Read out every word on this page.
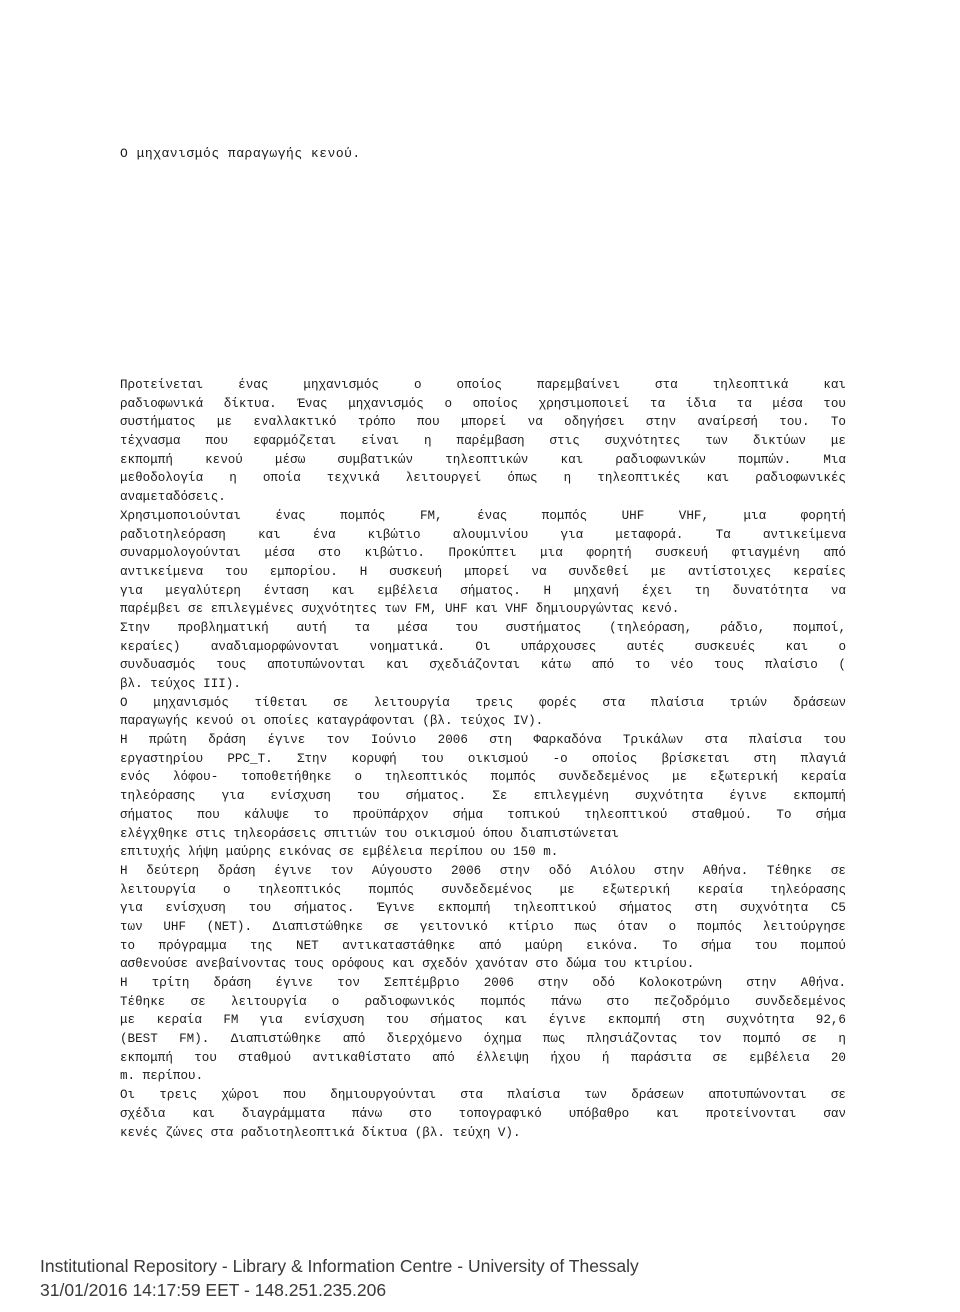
Ο μηχανισμός παραγωγής κενού.
Προτείνεται ένας μηχανισμός ο οποίος παρεμβαίνει στα τηλεοπτικά και
ραδιοφωνικά δίκτυα. Ένας μηχανισμός ο οποίος χρησιμοποιεί τα ίδια τα μέσα του
συστήματος με εναλλακτικό τρόπο που μπορεί να οδηγήσει στην αναίρεσή του. Το
τέχνασμα που εφαρμόζεται είναι η παρέμβαση στις συχνότητες των δικτύων με
εκπομπή κενού μέσω συμβατικών τηλεοπτικών και ραδιοφωνικών πομπών. Μια
μεθοδολογία η οποία τεχνικά λειτουργεί όπως η τηλεοπτικές και ραδιοφωνικές
αναμεταδόσεις.
Χρησιμοποιούνται ένας πομπός FM, ένας πομπός UHF VHF, μια φορητή
ραδιοτηλεόραση και ένα κιβώτιο αλουμινίου για μεταφορά. Τα αντικείμενα
συναρμολογούνται μέσα στο κιβώτιο. Προκύπτει μια φορητή συσκευή φτιαγμένη από
αντικείμενα του εμπορίου. Η συσκευή μπορεί να συνδεθεί με αντίστοιχες κεραίες
για μεγαλύτερη ένταση και εμβέλεια σήματος. Η μηχανή έχει τη δυνατότητα να
παρέμβει σε επιλεγμένες συχνότητες των FM, UHF και VHF δημιουργώντας κενό.
Στην προβληματική αυτή τα μέσα του συστήματος (τηλεόραση, ράδιο, πομποί,
κεραίες) αναδιαμορφώνονται νοηματικά. Οι υπάρχουσες αυτές συσκευές και ο
συνδυασμός τους αποτυπώνονται και σχεδιάζονται κάτω από το νέο τους πλαίσιο (
βλ. τεύχος ΙΙΙ).
Ο μηχανισμός τίθεται σε λειτουργία τρεις φορές στα πλαίσια τριών δράσεων
παραγωγής κενού οι οποίες καταγράφονται (βλ. τεύχος IV).
Η πρώτη δράση έγινε τον Ιούνιο 2006 στη Φαρκαδόνα Τρικάλων στα πλαίσια του
εργαστηρίου PPC_T. Στην κορυφή του οικισμού -ο οποίος βρίσκεται στη πλαγιά
ενός λόφου- τοποθετήθηκε ο τηλεοπτικός πομπός συνδεδεμένος με εξωτερική κεραία
τηλεόρασης για ενίσχυση του σήματος. Σε επιλεγμένη συχνότητα έγινε εκπομπή
σήματος που κάλυψε το προϋπάρχον σήμα τοπικού τηλεοπτικού σταθμού. Το σήμα
ελέγχθηκε στις τηλεοράσεις σπιτιών του οικισμού όπου διαπιστώνεται
επιτυχής λήψη μαύρης εικόνας σε εμβέλεια περίπου ου 150 m.
Η δεύτερη δράση έγινε τον Αύγουστο 2006 στην οδό Αιόλου στην Αθήνα. Τέθηκε σε
λειτουργία ο τηλεοπτικός πομπός συνδεδεμένος με εξωτερική κεραία τηλεόρασης
για ενίσχυση του σήματος. Έγινε εκπομπή τηλεοπτικού σήματος στη συχνότητα C5
των UHF (NET). Διαπιστώθηκε σε γειτονικό κτίριο πως όταν ο πομπός λειτούργησε
το πρόγραμμα της NET αντικαταστάθηκε από μαύρη εικόνα. Το σήμα του πομπού
ασθενούσε ανεβαίνοντας τους ορόφους και σχεδόν χανόταν στο δώμα του κτιρίου.
Η τρίτη δράση έγινε τον Σεπτέμβριο 2006 στην οδό Κολοκοτρώνη στην Αθήνα.
Τέθηκε σε λειτουργία ο ραδιοφωνικός πομπός πάνω στο πεζοδρόμιο συνδεδεμένος
με κεραία FM για ενίσχυση του σήματος και έγινε εκπομπή στη συχνότητα 92,6
(BEST FM). Διαπιστώθηκε από διερχόμενο όχημα πως πλησιάζοντας τον πομπό σε η
εκπομπή του σταθμού αντικαθίστατο από έλλειψη ήχου ή παράσιτα σε εμβέλεια 20
m. περίπου.
Οι τρεις χώροι που δημιουργούνται στα πλαίσια των δράσεων αποτυπώνονται σε
σχέδια και διαγράμματα πάνω στο τοπογραφικό υπόβαθρο και προτείνονται σαν
κενές ζώνες στα ραδιοτηλεοπτικά δίκτυα (βλ. τεύχη V).
Institutional Repository - Library & Information Centre - University of Thessaly
31/01/2016 14:17:59 EET - 148.251.235.206
